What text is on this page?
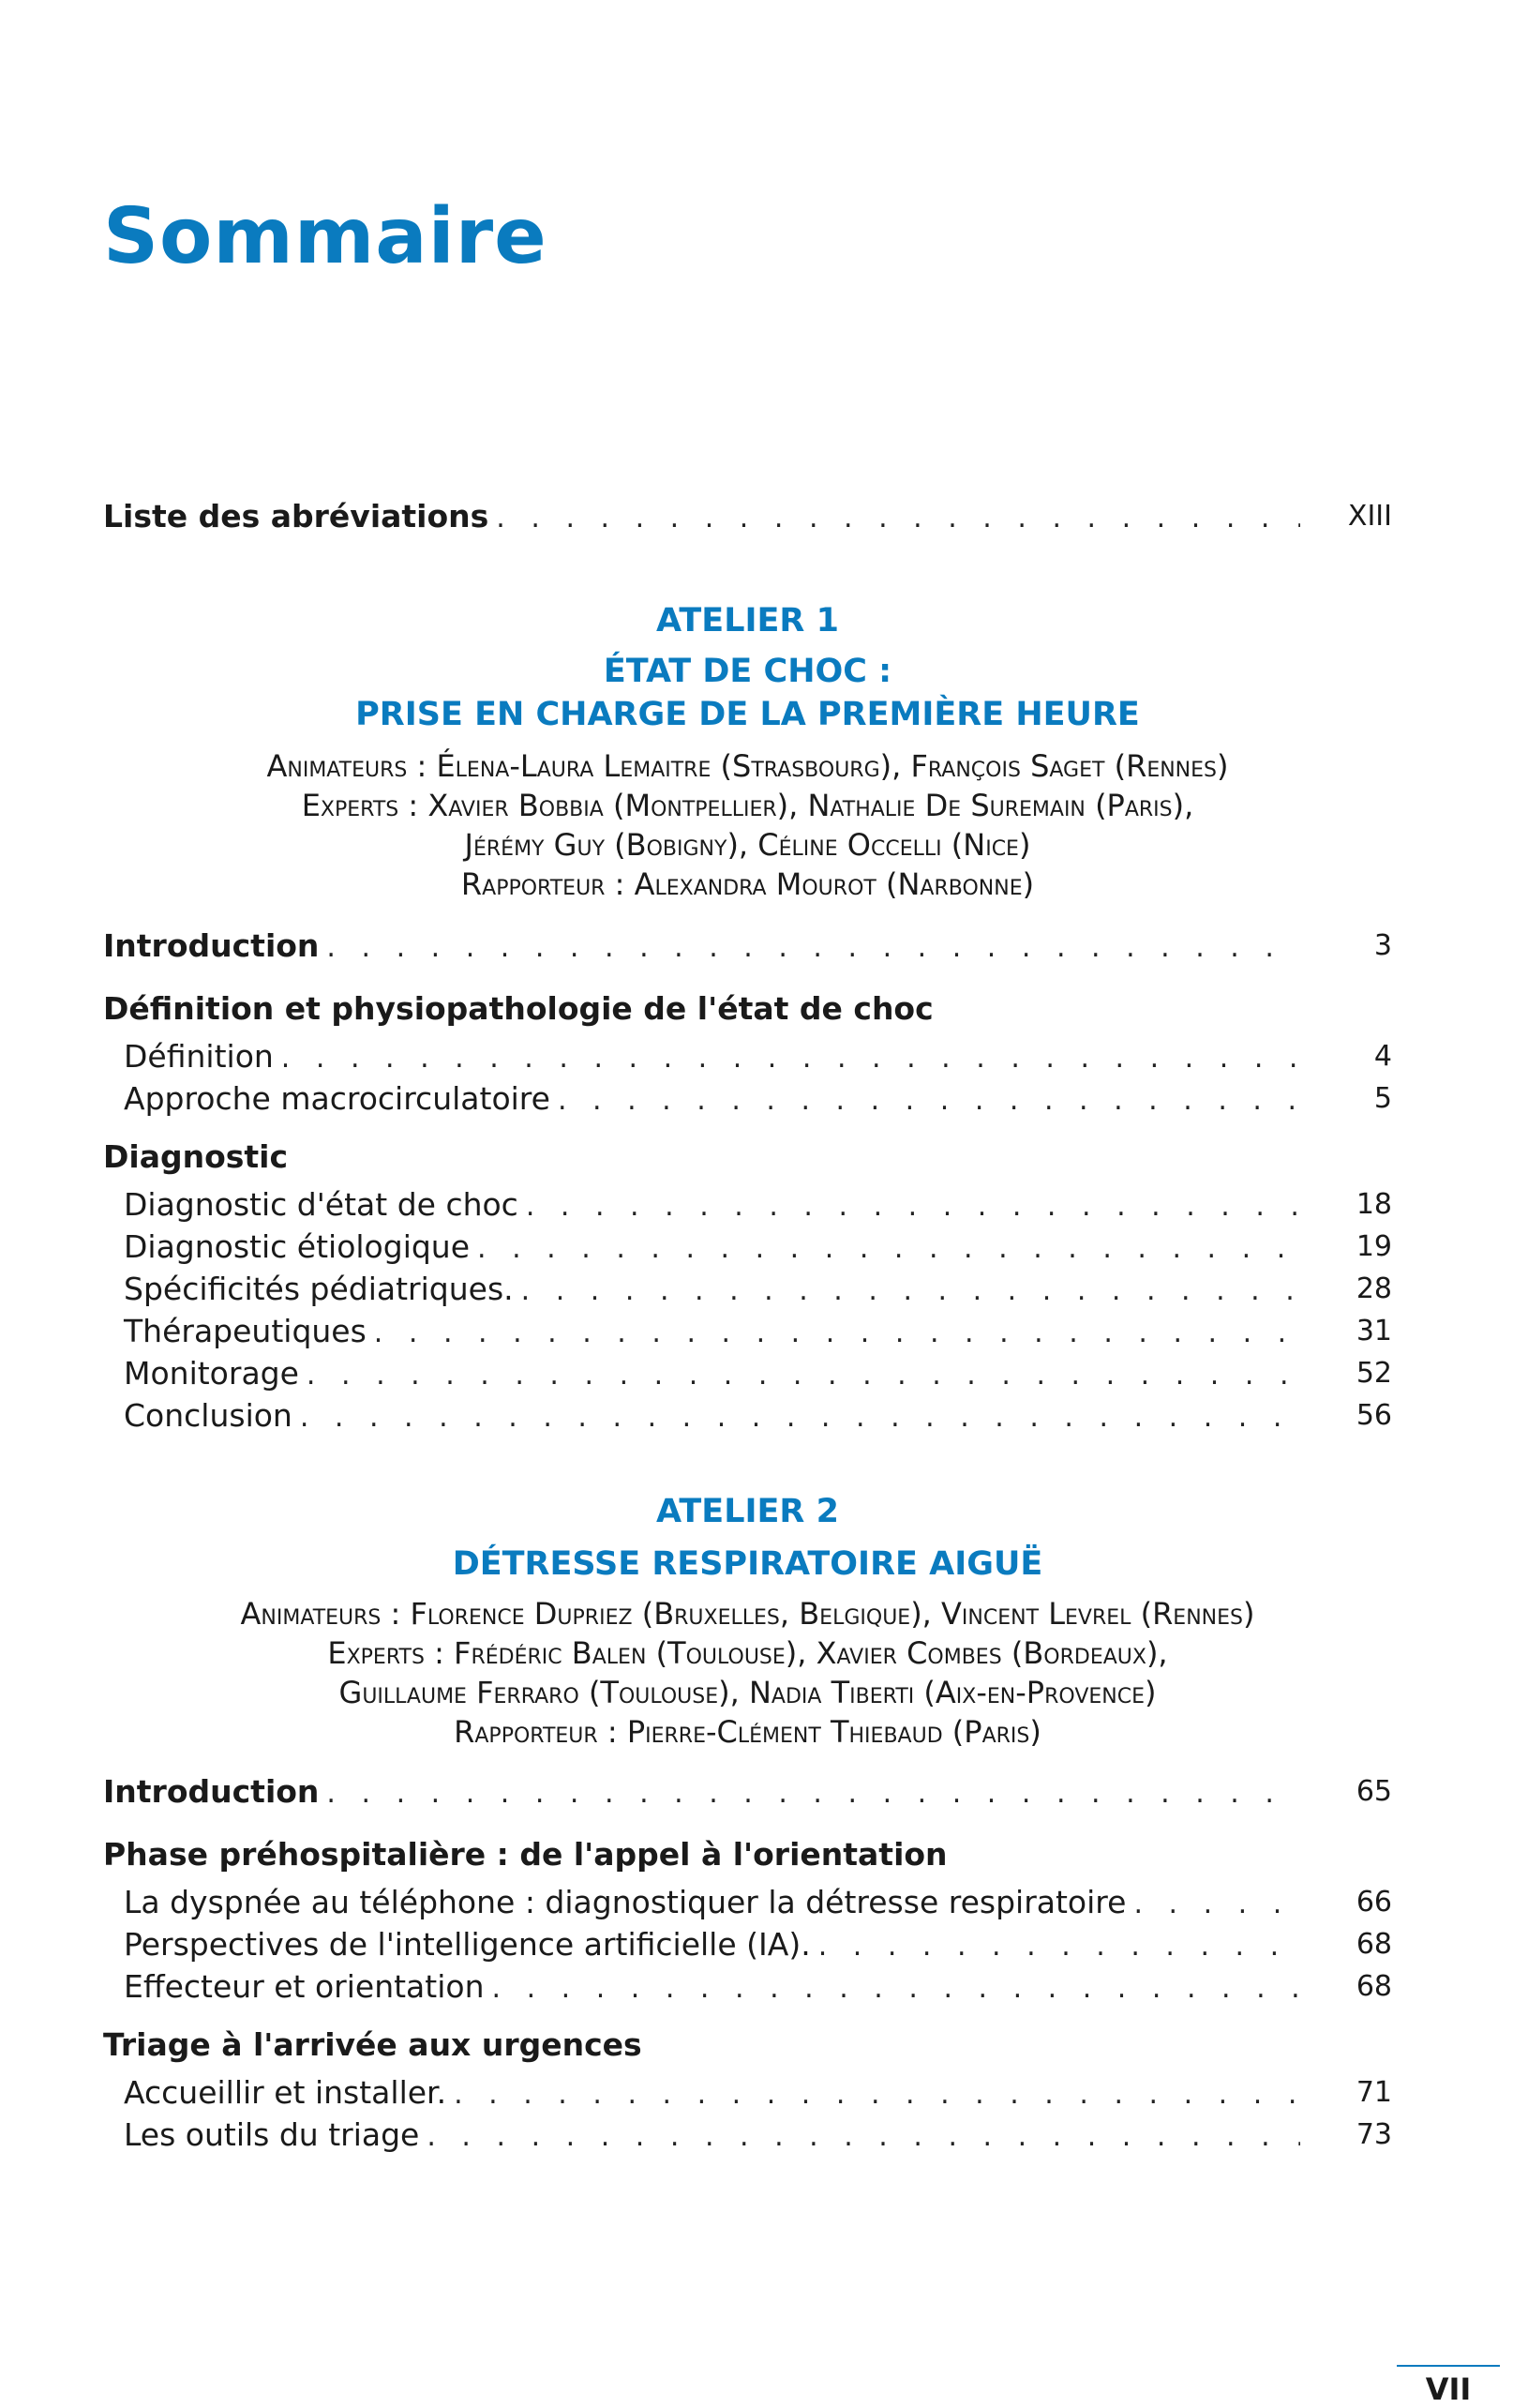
Sommaire
Liste des abréviations . . .	XIII
ATELIER 1
ÉTAT DE CHOC :
PRISE EN CHARGE DE LA PREMIÈRE HEURE
Animateurs : Élena-Laura Lemaitre (Strasbourg), François Saget (Rennes)
Experts : Xavier Bobbia (Montpellier), Nathalie De Suremain (Paris),
Jérémy Guy (Bobigny), Céline Occelli (Nice)
Rapporteur : Alexandra Mourot (Narbonne)
Introduction . . .	3
Définition et physiopathologie de l'état de choc
Définition . . .	4
Approche macrocirculatoire . . .	5
Diagnostic
Diagnostic d'état de choc . . .	18
Diagnostic étiologique . . .	19
Spécificités pédiatriques. . . .	28
Thérapeutiques . . .	31
Monitorage . . .	52
Conclusion . . .	56
ATELIER 2
DÉTRESSE RESPIRATOIRE AIGUË
Animateurs : Florence Dupriez (Bruxelles, Belgique), Vincent Levrel (Rennes)
Experts : Frédéric Balen (Toulouse), Xavier Combes (Bordeaux),
Guillaume Ferraro (Toulouse), Nadia Tiberti (Aix-en-Provence)
Rapporteur : Pierre-Clément Thiebaud (Paris)
Introduction . . .	65
Phase préhospitalière : de l'appel à l'orientation
La dyspnée au téléphone : diagnostiquer la détresse respiratoire . . .	66
Perspectives de l'intelligence artificielle (IA). . . .	68
Effecteur et orientation . . .	68
Triage à l'arrivée aux urgences
Accueillir et installer. . . .	71
Les outils du triage . . .	73
VII
